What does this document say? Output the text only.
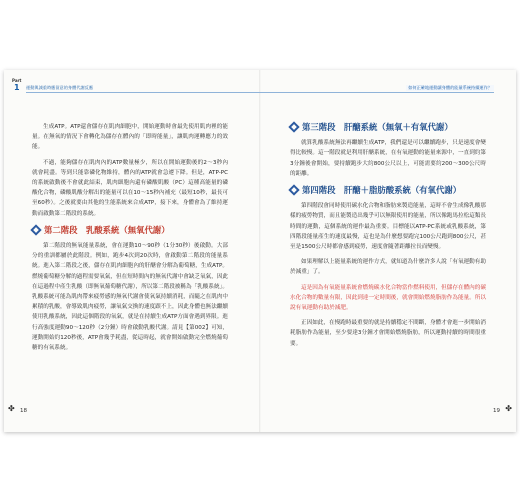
Part
1 運動與減重時應留意的身體代謝反應	如何正確地運動讓身體的能量系統持續運作？

生成ATP。ATP還會儲存在肌肉細胞中，開始運動時會最先使用肌肉裡的能量。在無氧的情況下會轉化為儲存在體內的「即時能量」，讓肌肉運轉應力的效能。

不過，能夠儲存在肌肉內的ATP數量極少，所以在開始運動後的2～3秒內就會耗盡。等到只能靠磷化物維持，體內的ATP就會急遽下降。但是，ATP-PC的系統啟動後不會就此結束，肌肉細胞內還有磷酸肌酸（PC）這種高能量的磷酸化合物，磷酸肌酸分解出的能量可以在10～15秒內補充（最短10秒，最長可至60秒）。之後就要由其他的生能系統來合成ATP，接下來，身體會為了維持運動而啟動第二階段的系統。

第二階段　乳酸系統（無氧代謝）

第二階段的無氧能量系統，會在運動10～90秒（1分30秒）後啟動。大部分的重訓都屬於此階段。例如，跑步4次到20次時，會啟動第二階段的能量系統。進入第二階段之後，儲存在肌肉細胞內的肝醣會分解為葡萄糖，生成ATP。燃燒葡萄糖分解的過程需要氧氣，但在短時間內的無氧代謝中會缺乏氧氣，因此在這過程中產生乳酸（即無氧葡萄糖代謝），所以第二階段被稱為「乳酸系統」。乳酸系統可能為肌肉帶來疲勞感的無氧代謝會使氧氣持續消耗，而隨之在肌肉中累積的乳酸，會導致肌肉疲勞，讓氧氣交換的速度跟不上，因此身體也無法繼續使用乳酸系統，因此這個階段的氧氣，就是在持續生成ATP方面會遇到界限。進行高強度運動90～120秒（2分鐘）時會啟動乳酸代謝。請見【第002】可知，運動開始約120秒後，ATP會幾乎耗盡，從這時起，就會開始啟動完全燃燒葡萄糖的有氧系統。

第三階段　肝醣系統（無氧＋有氧代謝）

就算乳酸系統無法再繼續生成ATP，我們還是可以繼續跑步，只是速度會變得比較慢。這一階段就是利用肝醣系統，在有氧運動的能量來源中，一直到約第3分鐘後會開始，要持續跑步大約800公尺以上，可能需要約200～300公尺時的距離。

第四階段　肝醣＋脂肪酸系統（有氧代謝）

第四階段會同時使用碳水化合物和脂肪來製造能量，這時不會生成像乳酸那樣的疲勞物質，而且能製造出幾乎可以無限使用的能量，所以像跑馬拉松這類長時間的運動，這個系統的運作最為重要。目標能以ATP-PC系統或乳酸系統，第四階段能量產生的速度最慢，這也是為什麼想要跑完100公尺跑到800公尺，甚至是1500公尺時都會感到疲勞，速度會隨著距離拉長而變慢。

如果理解以上能量系統的運作方式，就知道為什麼許多人說「有氧運動有助於減重」了。

這是因為有氧能量系統會燃燒碳水化合物當作燃料使用，但儲存在體內的碳水化合物的數量有限，因此到達一定時間後，就會開始燃燒脂肪作為能量。所以說有氧運動有助於減肥。

正因如此，在慢跑時最重要的就是持續穩定不間斷，身體才會進一步開始消耗脂肪作為能量，至少要達3分鐘才會開始燃燒脂肪，所以運動持續的時間很重要。

✤ 18	19 ✤
